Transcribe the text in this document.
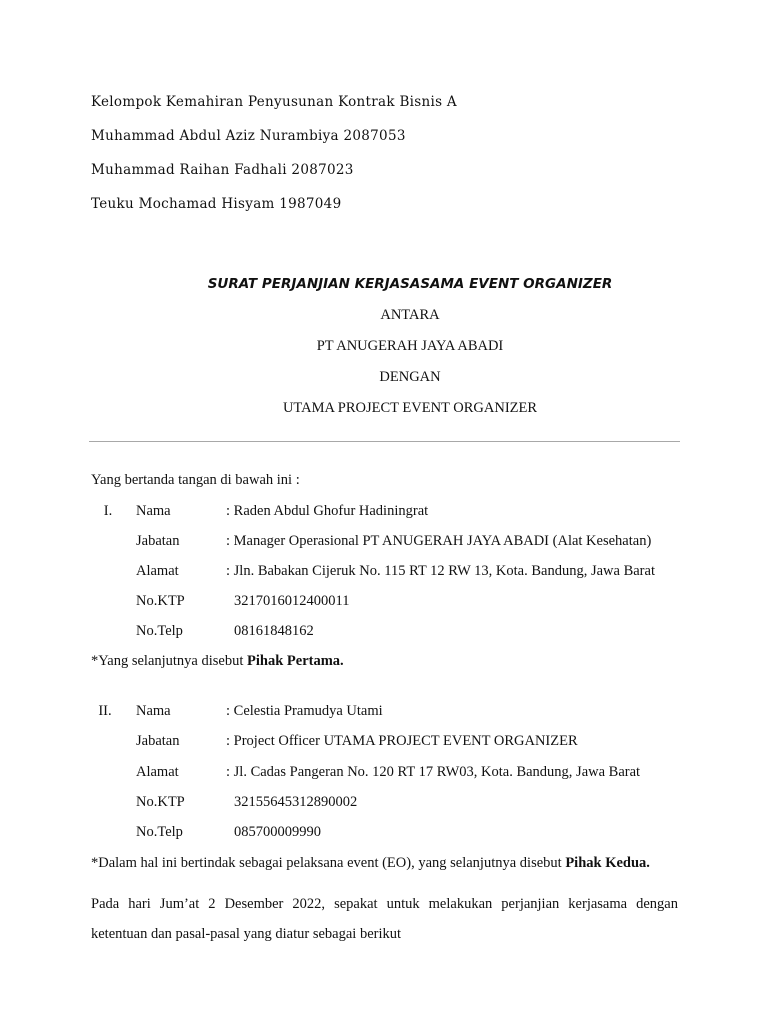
Kelompok Kemahiran Penyusunan Kontrak Bisnis A
Muhammad Abdul Aziz Nurambiya 2087053
Muhammad Raihan Fadhali 2087023
Teuku Mochamad Hisyam 1987049
SURAT PERJANJIAN KERJASASAMA EVENT ORGANIZER
ANTARA
PT ANUGERAH JAYA ABADI
DENGAN
UTAMA PROJECT EVENT ORGANIZER
Yang bertanda tangan di bawah ini :
I.	Nama	: Raden Abdul Ghofur Hadiningrat
Jabatan	: Manager Operasional PT ANUGERAH JAYA ABADI (Alat Kesehatan)
Alamat	: Jln. Babakan Cijeruk No. 115 RT 12 RW 13, Kota. Bandung, Jawa Barat
No.KTP	3217016012400011
No.Telp	08161848162
*Yang selanjutnya disebut Pihak Pertama.
II.	Nama	: Celestia Pramudya Utami
Jabatan	: Project Officer UTAMA PROJECT EVENT ORGANIZER
Alamat	: Jl. Cadas Pangeran No. 120 RT 17 RW03, Kota. Bandung, Jawa Barat
No.KTP	32155645312890002
No.Telp	085700009990
*Dalam hal ini bertindak sebagai pelaksana event (EO), yang selanjutnya disebut Pihak Kedua.
Pada hari Jum’at 2 Desember 2022, sepakat untuk melakukan perjanjian kerjasama dengan
ketentuan dan pasal-pasal yang diatur sebagai berikut
